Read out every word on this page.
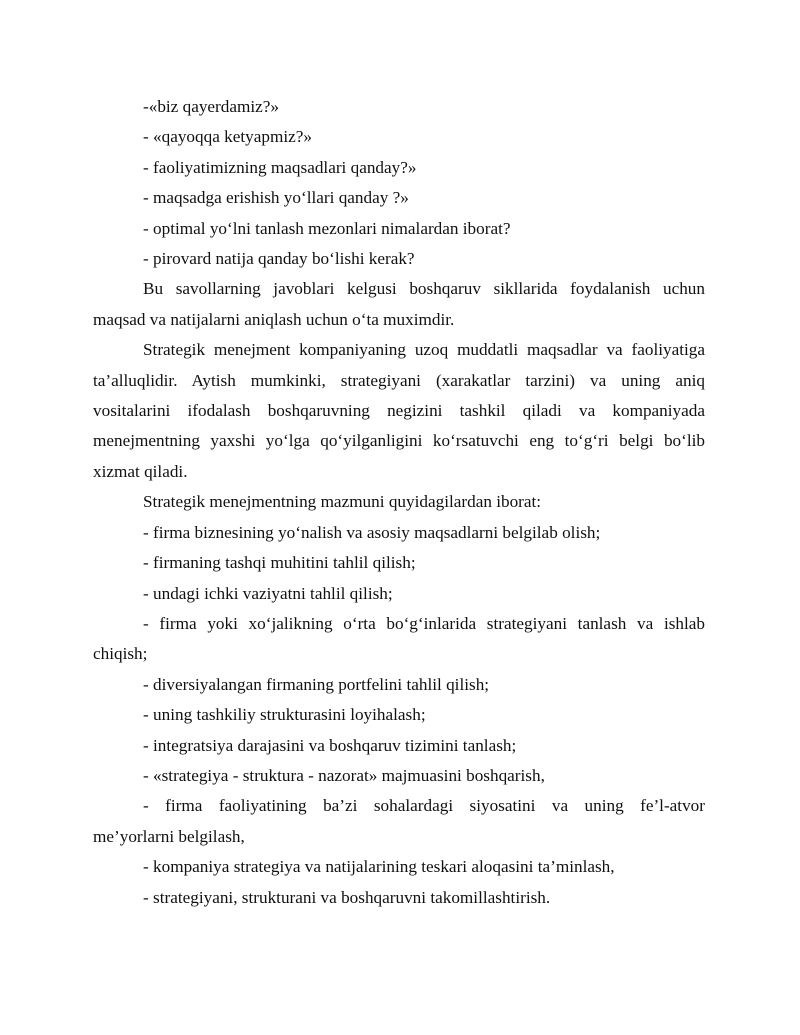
-«biz qayerdamiz?»

- «qayoqqa ketyapmiz?»

- faoliyatimizning maqsadlari qanday?»

- maqsadga erishish yo‘llari qanday ?»

- optimal yo‘lni tanlash mezonlari nimalardan iborat?

- pirovard natija qanday bo‘lishi kerak?

Bu savollarning javoblari kelgusi boshqaruv sikllarida foydalanish uchun

maqsad va natijalarni aniqlash uchun o‘ta muximdir.

Strategik menejment kompaniyaning uzoq muddatli maqsadlar va faoliyatiga

ta’alluqlidir. Aytish mumkinki, strategiyani (xarakatlar tarzini) va uning aniq

vositalarini ifodalash boshqaruvning negizini tashkil qiladi va kompaniyada

menejmentning yaxshi yo‘lga qo‘yilganligini ko‘rsatuvchi eng to‘g‘ri belgi bo‘lib

xizmat qiladi.

Strategik menejmentning mazmuni quyidagilardan iborat:

- firma biznesining yo‘nalish va asosiy maqsadlarni belgilab olish;

- firmaning tashqi muhitini tahlil qilish;

- undagi ichki vaziyatni tahlil qilish;

- firma yoki xo‘jalikning o‘rta bo‘g‘inlarida strategiyani tanlash va ishlab

chiqish;

- diversiyalangan firmaning portfelini tahlil qilish;

- uning tashkiliy strukturasini loyihalash;

- integratsiya darajasini va boshqaruv tizimini tanlash;

- «strategiya - struktura - nazorat» majmuasini boshqarish,

- firma faoliyatining ba’zi sohalardagi siyosatini va uning fe’l-atvor

me’yorlarni belgilash,

- kompaniya strategiya va natijalarining teskari aloqasini ta’minlash,

- strategiyani, strukturani va boshqaruvni takomillashtirish.
